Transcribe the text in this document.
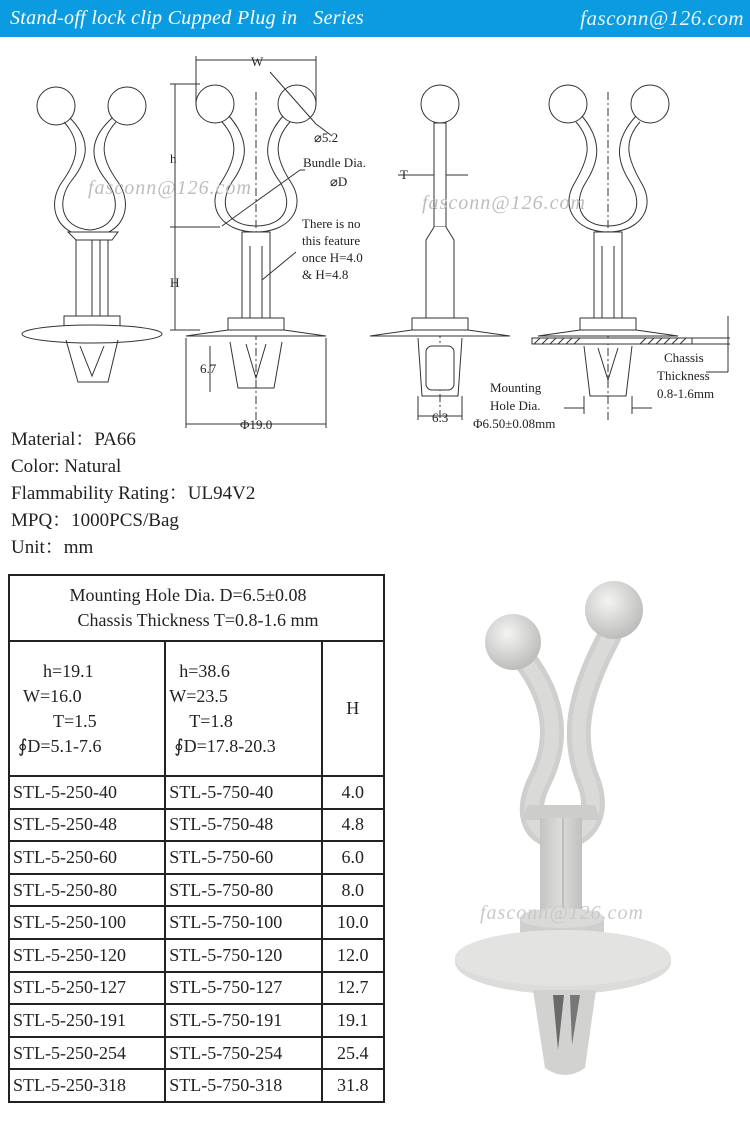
Stand-off lock clip Cupped Plug in   Series	fasconn@126.com
h
H
W
⌀5.2
Bundle Dia.
⌀D
There is no
this feature
once H=4.0
& H=4.8
6.7
Φ19.0
T
6.3
Mounting
Hole Dia.
Φ6.50±0.08mm
Chassis
Thickness
0.8-1.6mm
fasconn@126.com
fasconn@126.com
Material：PA66
Color: Natural
Flammability Rating：UL94V2
MPQ：1000PCS/Bag
Unit：mm
Mounting Hole Dia. D=6.5±0.08
Chassis Thickness T=0.8-1.6 mm		

h=19.1
W=16.0
T=1.5
∮D=5.1-7.6

h=38.6
W=23.5
T=1.8
∮D=17.8-20.3
	H
STL-5-250-40	STL-5-750-40	4.0
STL-5-250-48	STL-5-750-48	4.8
STL-5-250-60	STL-5-750-60	6.0
STL-5-250-80	STL-5-750-80	8.0
STL-5-250-100	STL-5-750-100	10.0
STL-5-250-120	STL-5-750-120	12.0
STL-5-250-127	STL-5-750-127	12.7
STL-5-250-191	STL-5-750-191	19.1
STL-5-250-254	STL-5-750-254	25.4
STL-5-250-318	STL-5-750-318	31.8
fasconn@126.com
